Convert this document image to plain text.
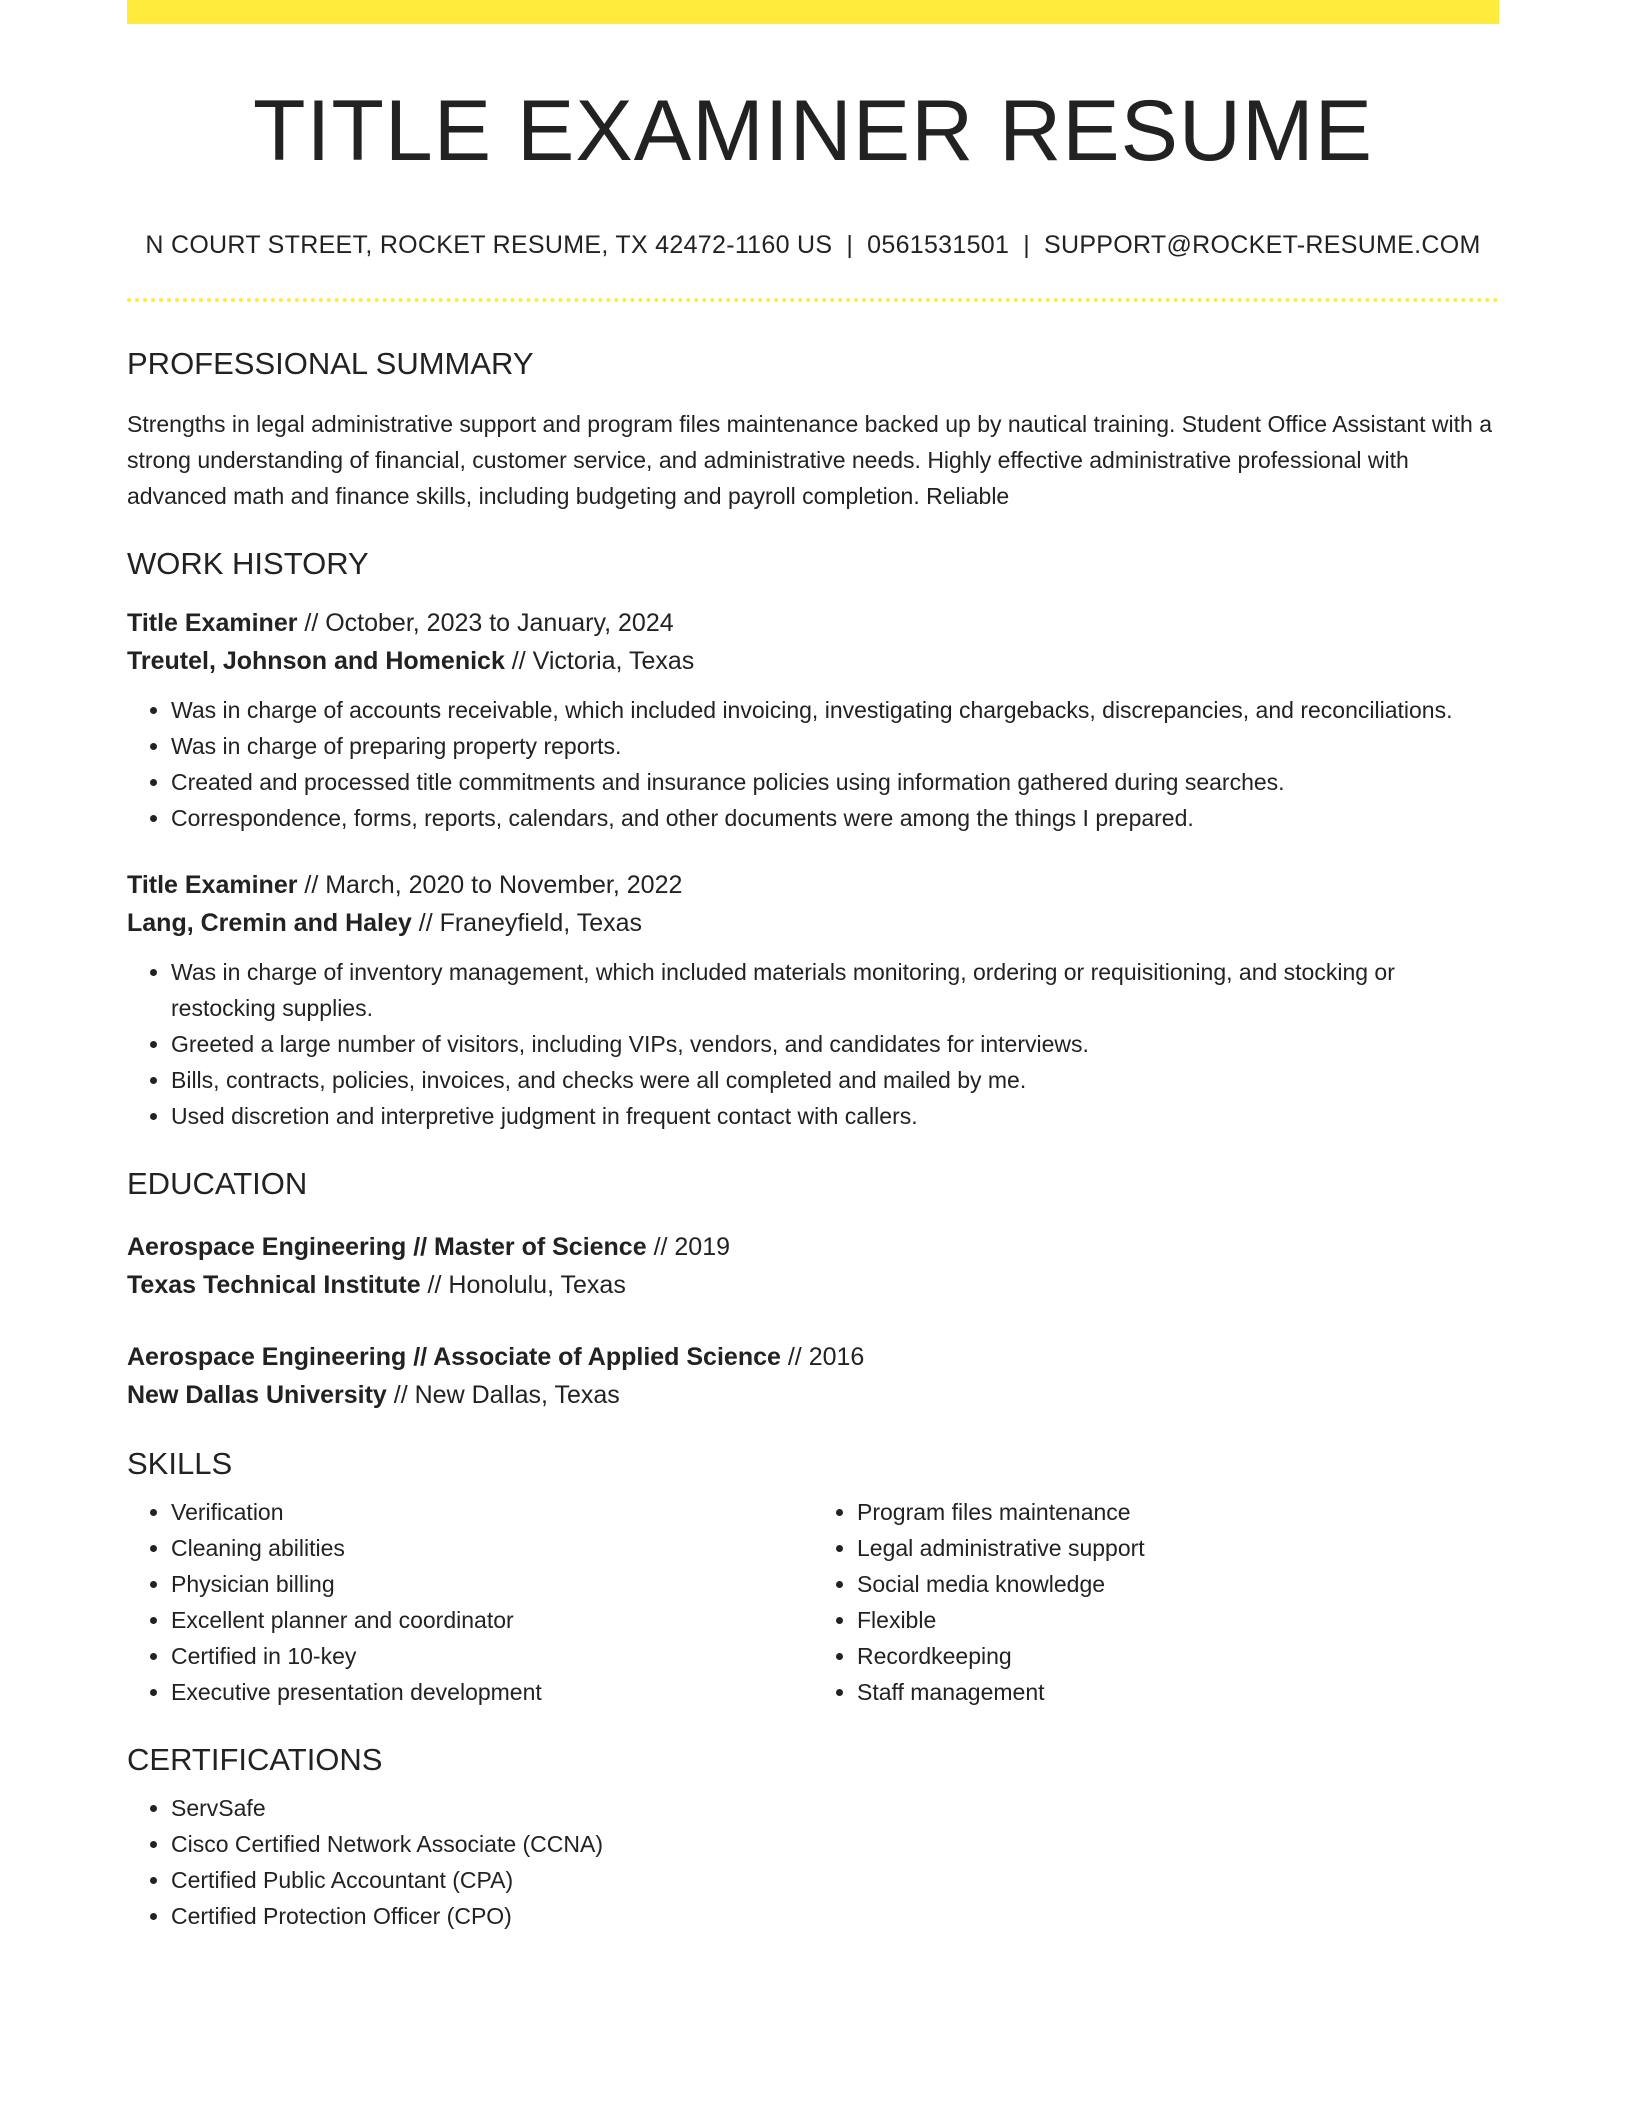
TITLE EXAMINER RESUME
N COURT STREET, ROCKET RESUME, TX 42472-1160 US | 0561531501 | SUPPORT@ROCKET-RESUME.COM
PROFESSIONAL SUMMARY

Strengths in legal administrative support and program files maintenance backed up by nautical training. Student Office Assistant with a strong understanding of financial, customer service, and administrative needs. Highly effective administrative professional with advanced math and finance skills, including budgeting and payroll completion. Reliable

WORK HISTORY
Title Examiner // October, 2023 to January, 2024
Treutel, Johnson and Homenick // Victoria, Texas
• Was in charge of accounts receivable, which included invoicing, investigating chargebacks, discrepancies, and reconciliations.
• Was in charge of preparing property reports.
• Created and processed title commitments and insurance policies using information gathered during searches.
• Correspondence, forms, reports, calendars, and other documents were among the things I prepared.
Title Examiner // March, 2020 to November, 2022
Lang, Cremin and Haley // Franeyfield, Texas
• Was in charge of inventory management, which included materials monitoring, ordering or requisitioning, and stocking or restocking supplies.
• Greeted a large number of visitors, including VIPs, vendors, and candidates for interviews.
• Bills, contracts, policies, invoices, and checks were all completed and mailed by me.
• Used discretion and interpretive judgment in frequent contact with callers.
EDUCATION
Aerospace Engineering // Master of Science // 2019
Texas Technical Institute // Honolulu, Texas
Aerospace Engineering // Associate of Applied Science // 2016
New Dallas University // New Dallas, Texas
SKILLS
• Verification
• Cleaning abilities
• Physician billing
• Excellent planner and coordinator
• Certified in 10-key
• Executive presentation development
• Program files maintenance
• Legal administrative support
• Social media knowledge
• Flexible
• Recordkeeping
• Staff management
CERTIFICATIONS
• ServSafe
• Cisco Certified Network Associate (CCNA)
• Certified Public Accountant (CPA)
• Certified Protection Officer (CPO)
